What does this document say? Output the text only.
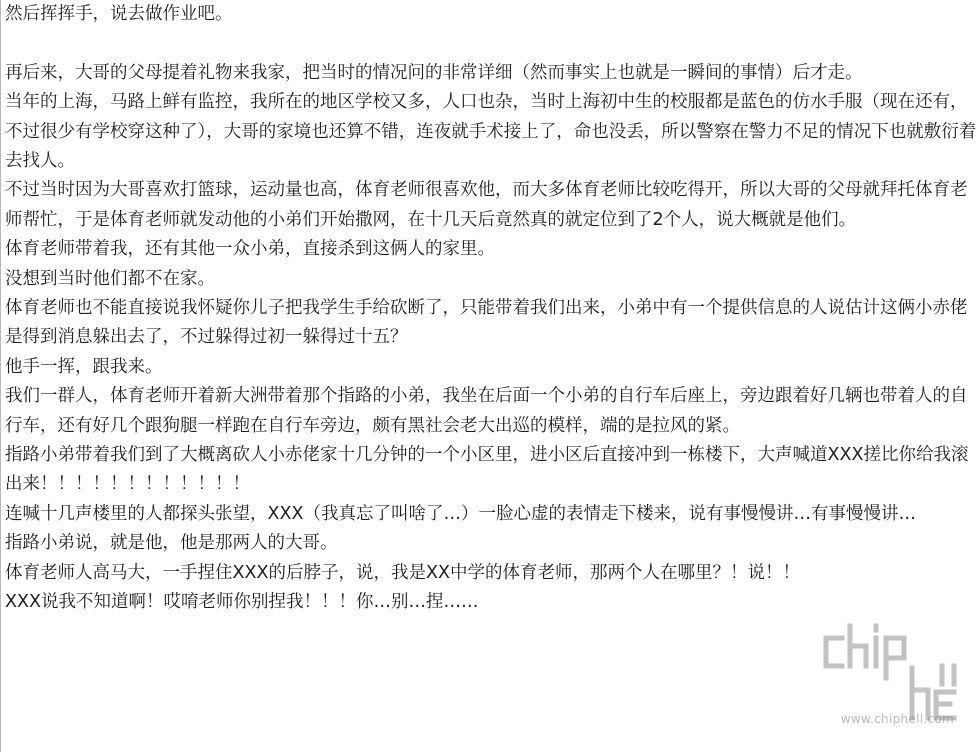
然后挥挥手，说去做作业吧。

再后来，大哥的父母提着礼物来我家，把当时的情况问的非常详细（然而事实上也就是一瞬间的事情）后才走。

当年的上海，马路上鲜有监控，我所在的地区学校又多，人口也杂，当时上海初中生的校服都是蓝色的仿水手服（现在还有，不过很少有学校穿这种了），大哥的家境也还算不错，连夜就手术接上了，命也没丢，所以警察在警力不足的情况下也就敷衍着去找人。

不过当时因为大哥喜欢打篮球，运动量也高，体育老师很喜欢他，而大多体育老师比较吃得开，所以大哥的父母就拜托体育老师帮忙，于是体育老师就发动他的小弟们开始撒网，在十几天后竟然真的就定位到了2个人，说大概就是他们。

体育老师带着我，还有其他一众小弟，直接杀到这俩人的家里。

没想到当时他们都不在家。

体育老师也不能直接说我怀疑你儿子把我学生手给砍断了，只能带着我们出来，小弟中有一个提供信息的人说估计这俩小赤佬是得到消息躲出去了，不过躲得过初一躲得过十五？

他手一挥，跟我来。

我们一群人，体育老师开着新大洲带着那个指路的小弟，我坐在后面一个小弟的自行车后座上，旁边跟着好几辆也带着人的自行车，还有好几个跟狗腿一样跑在自行车旁边，颇有黑社会老大出巡的模样，端的是拉风的紧。

指路小弟带着我们到了大概离砍人小赤佬家十几分钟的一个小区里，进小区后直接冲到一栋楼下，大声喊道XXX搓比你给我滚出来！！！！！！！！！！！！

连喊十几声楼里的人都探头张望，XXX（我真忘了叫啥了…）一脸心虚的表情走下楼来，说有事慢慢讲…有事慢慢讲…

指路小弟说，就是他，他是那两人的大哥。

体育老师人高马大，一手捏住XXX的后脖子，说，我是XX中学的体育老师，那两个人在哪里？！说！！

XXX说我不知道啊！哎唷老师你别捏我！！！你…别…捏……

www.chiphell.com
